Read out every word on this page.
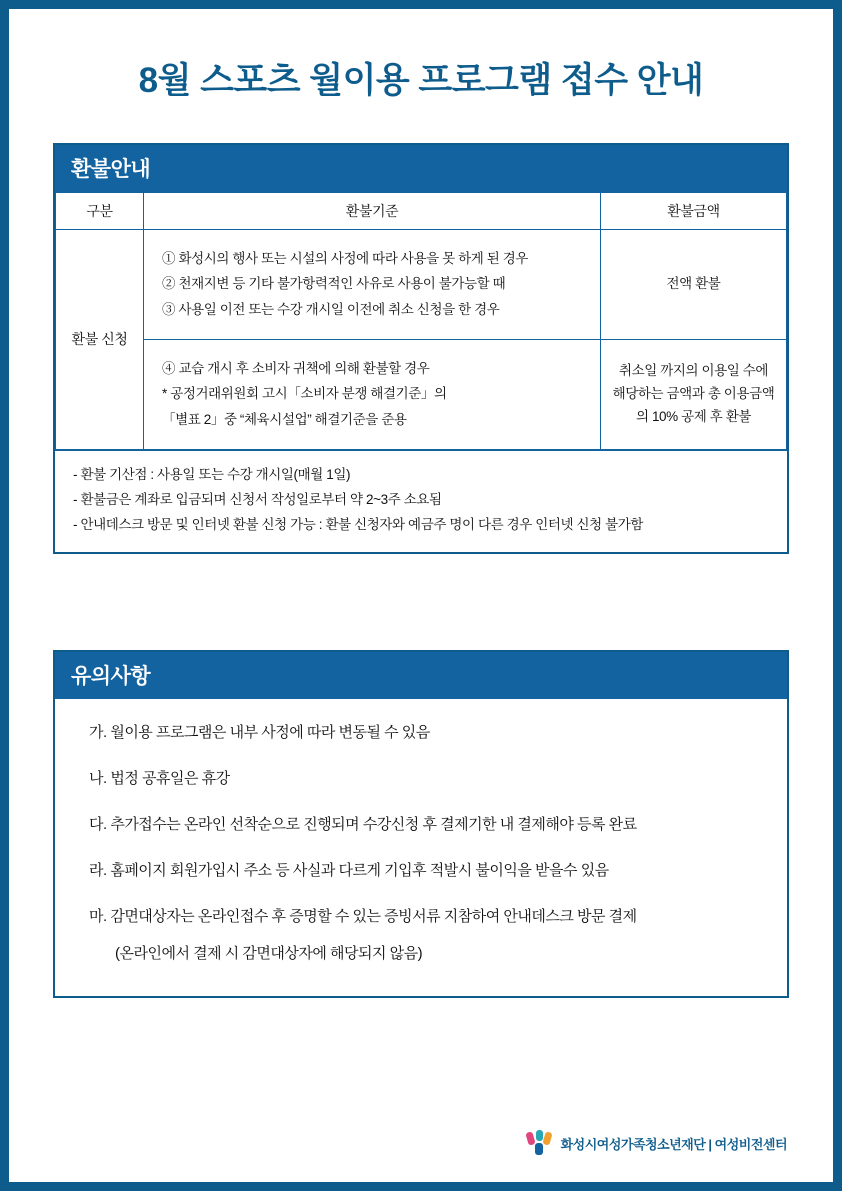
8월 스포츠 월이용 프로그램 접수 안내
환불안내
구분	환불기준	환불금액
환불 신청	① 화성시의 행사 또는 시설의 사정에 따라 사용을 못 하게 된 경우
② 천재지변 등 기타 불가항력적인 사유로 사용이 불가능할 때
③ 사용일 이전 또는 수강 개시일 이전에 취소 신청을 한 경우	전액 환불

	④ 교습 개시 후 소비자 귀책에 의해 환불할 경우
* 공정거래위원회 고시「소비자 분쟁 해결기준」의
「별표 2」중 “체육시설업” 해결기준을 준용	취소일 까지의 이용일 수에 해당하는 금액과 총 이용금액의 10% 공제 후 환불
- 환불 기산점 : 사용일 또는 수강 개시일(매월 1일)
- 환불금은 계좌로 입금되며 신청서 작성일로부터 약 2~3주 소요됨
- 안내데스크 방문 및 인터넷 환불 신청 가능 : 환불 신청자와 예금주 명이 다른 경우 인터넷 신청 불가함
유의사항
가. 월이용 프로그램은 내부 사정에 따라 변동될 수 있음
나. 법정 공휴일은 휴강
다. 추가접수는 온라인 선착순으로 진행되며 수강신청 후 결제기한 내 결제해야 등록 완료
라. 홈페이지 회원가입시 주소 등 사실과 다르게 기입후 적발시 불이익을 받을수 있음
마. 감면대상자는 온라인접수 후 증명할 수 있는 증빙서류 지참하여 안내데스크 방문 결제
(온라인에서 결제 시 감면대상자에 해당되지 않음)
화성시여성가족청소년재단 | 여성비전센터
